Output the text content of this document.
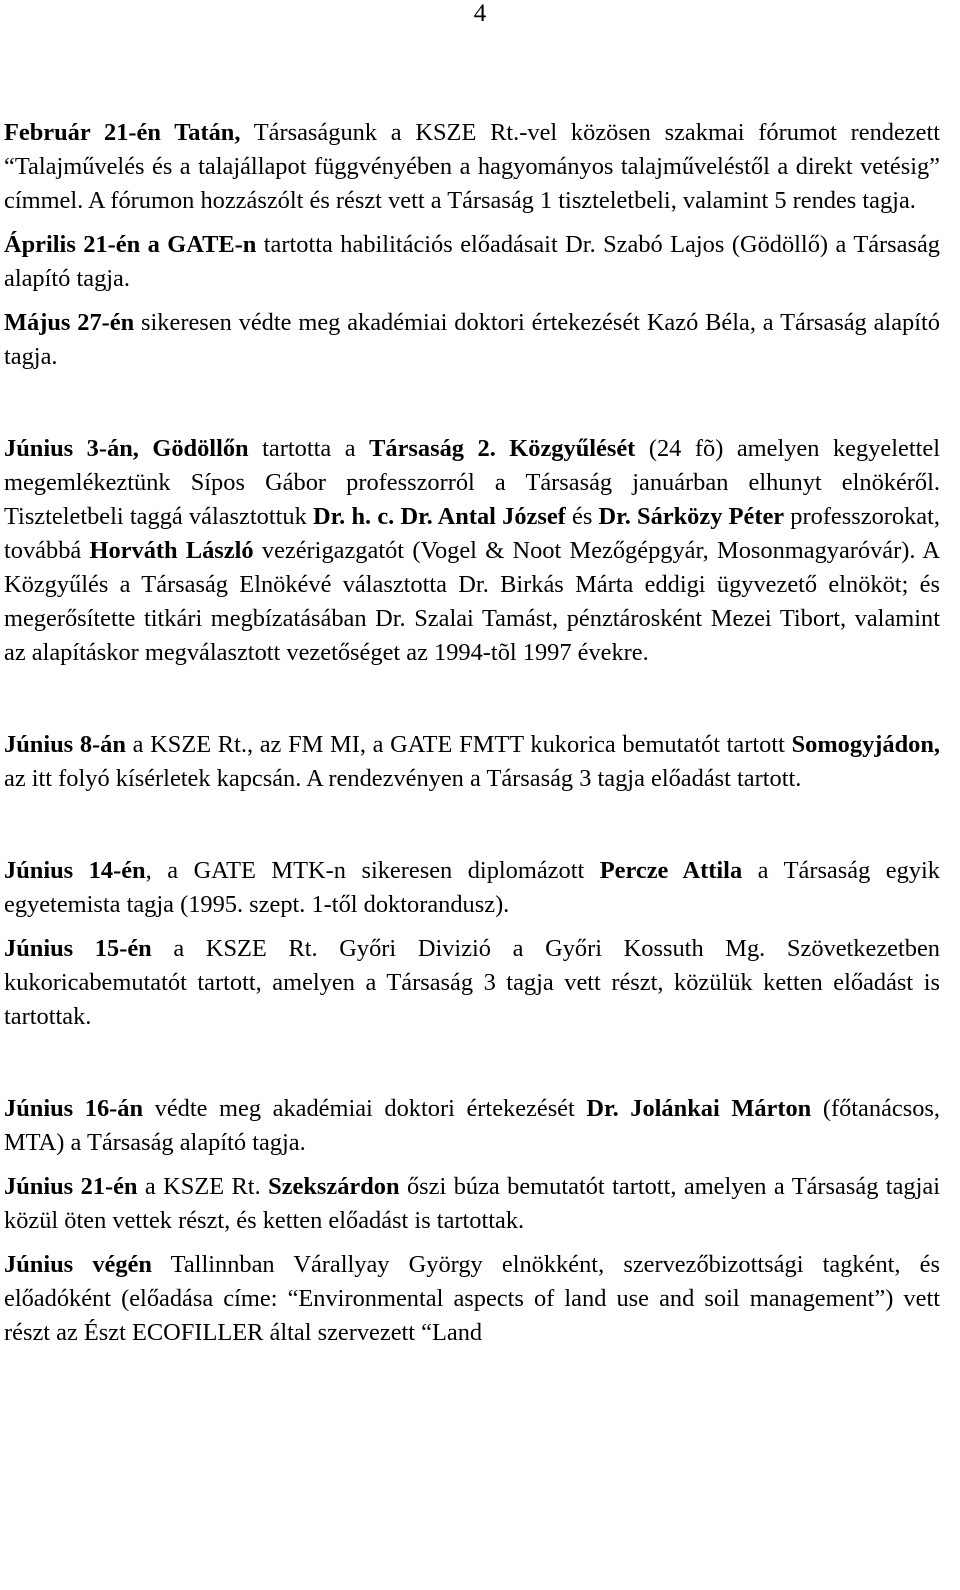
4

Február 21-én Tatán, Társaságunk a KSZE Rt.-vel közösen szakmai fórumot rendezett “Talajművelés és a talajállapot függvényében a hagyományos talajműveléstől a direkt vetésig” címmel. A fórumon hozzászólt és részt vett a Társaság 1 tiszteletbeli, valamint 5 rendes tagja.

Április 21-én a GATE-n tartotta habilitációs előadásait Dr. Szabó Lajos (Gödöllő) a Társaság alapító tagja.

Május 27-én sikeresen védte meg akadémiai doktori értekezését Kazó Béla, a Társaság alapító tagja.

Június 3-án, Gödöllőn tartotta a Társaság 2. Közgyűlését (24 fõ) amelyen kegyelettel megemlékeztünk Sípos Gábor professzorról a Társaság januárban elhunyt elnökéről. Tiszteletbeli taggá választottuk Dr. h. c. Dr. Antal József és Dr. Sárközy Péter professzorokat, továbbá Horváth László vezérigazgatót (Vogel & Noot Mezőgépgyár, Mosonmagyaróvár). A Közgyűlés a Társaság Elnökévé választotta Dr. Birkás Márta eddigi ügyvezető elnököt; és megerősítette titkári megbízatásában Dr. Szalai Tamást, pénztárosként Mezei Tibort, valamint az alapításkor megválasztott vezetőséget az 1994-tõl 1997 évekre.

Június 8-án a KSZE Rt., az FM MI, a GATE FMTT kukorica bemutatót tartott Somogyjádon, az itt folyó kísérletek kapcsán. A rendezvényen a Társaság 3 tagja előadást tartott.

Június 14-én, a GATE MTK-n sikeresen diplomázott Percze Attila a Társaság egyik egyetemista tagja (1995. szept. 1-től doktorandusz).

Június 15-én a KSZE Rt. Győri Divizió a Győri Kossuth Mg. Szövetkezetben kukoricabemutatót tartott, amelyen a Társaság 3 tagja vett részt, közülük ketten előadást is tartottak.

Június 16-án védte meg akadémiai doktori értekezését Dr. Jolánkai Márton (főtanácsos, MTA) a Társaság alapító tagja.

Június 21-én a KSZE Rt. Szekszárdon őszi búza bemutatót tartott, amelyen a Társaság tagjai közül öten vettek részt, és ketten előadást is tartottak.

Június végén Tallinnban Várallyay György elnökként, szervezőbizottsági tagként, és előadóként (előadása címe: “Environmental aspects of land use and soil management”) vett részt az Észt ECOFILLER által szervezett “Land
